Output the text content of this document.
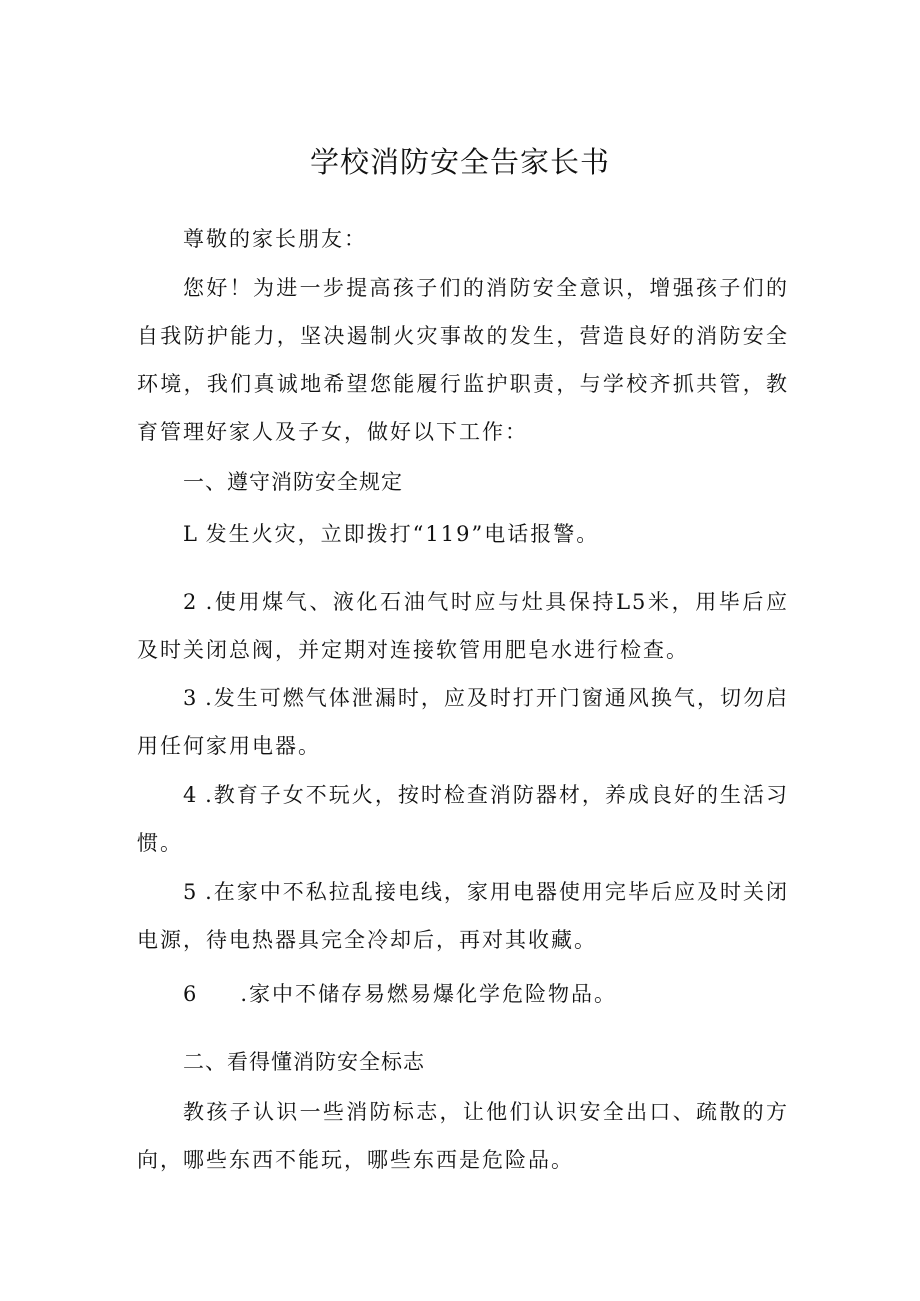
学校消防安全告家长书

尊敬的家长朋友：

您好！为进一步提高孩子们的消防安全意识，增强孩子们的自我防护能力，坚决遏制火灾事故的发生，营造良好的消防安全环境，我们真诚地希望您能履行监护职责，与学校齐抓共管，教育管理好家人及子女，做好以下工作：

一、遵守消防安全规定

L 发生火灾，立即拨打“119”电话报警。

2 .使用煤气、液化石油气时应与灶具保持L5米，用毕后应及时关闭总阀，并定期对连接软管用肥皂水进行检查。

3 .发生可燃气体泄漏时，应及时打开门窗通风换气，切勿启用任何家用电器。

4 .教育子女不玩火，按时检查消防器材，养成良好的生活习惯。

5 .在家中不私拉乱接电线，家用电器使用完毕后应及时关闭电源，待电热器具完全冷却后，再对其收藏。

6 .家中不储存易燃易爆化学危险物品。

二、看得懂消防安全标志

教孩子认识一些消防标志，让他们认识安全出口、疏散的方向，哪些东西不能玩，哪些东西是危险品。
